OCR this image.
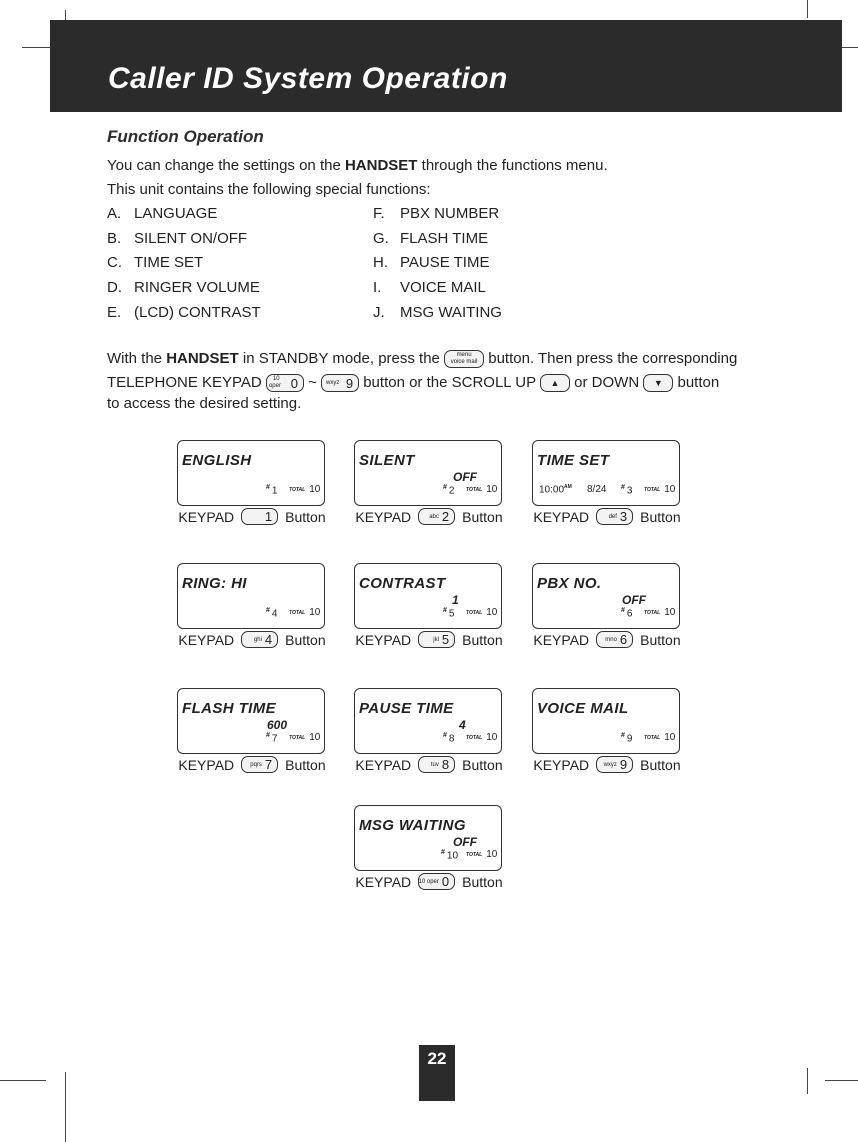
Caller ID System Operation
Function Operation
You can change the settings on the HANDSET through the functions menu.
This unit contains the following special functions:
A. LANGUAGE
B. SILENT ON/OFF
C. TIME SET
D. RINGER VOLUME
E. (LCD) CONTRAST
F.	PBX NUMBER
G. FLASH TIME
H. PAUSE TIME
I.	VOICE MAIL
J.	MSG WAITING
With the HANDSET in STANDBY mode, press the	menu
voice mail button. Then press the corresponding
TELEPHONE KEYPAD 10
oper 0 ~ wxyz 9 button or the SCROLL UP	▲ or DOWN	▼ button
to access the desired setting.
ENGLISH
# 1 TOTAL 10
KEYPAD 1 Button
SILENT
OFF
# 2 TOTAL 10
KEYPAD	abc 2 Button
TIME SET
$10:00^{AM}$ 8/24 # 3 TOTAL 10
KEYPAD	def 3 Button
RING: HI
# 4 TOTAL 10
KEYPAD	ghi 4 Button
CONTRAST
1
# 5 TOTAL 10
KEYPAD	jkl 5 Button
PBX NO.
OFF
# 6 TOTAL 10
KEYPAD	mno 6 Button
FLASH TIME
600
# 7 TOTAL 10
KEYPAD	pqrs 7 Button
PAUSE TIME
4
# 8 TOTAL 10
KEYPAD	tuv 8 Button
VOICE MAIL
# 9 TOTAL 10
KEYPAD wxyz 9 Button
MSG WAITING
OFF
# 10 TOTAL 10
KEYPAD 10 oper 0 Button
22
